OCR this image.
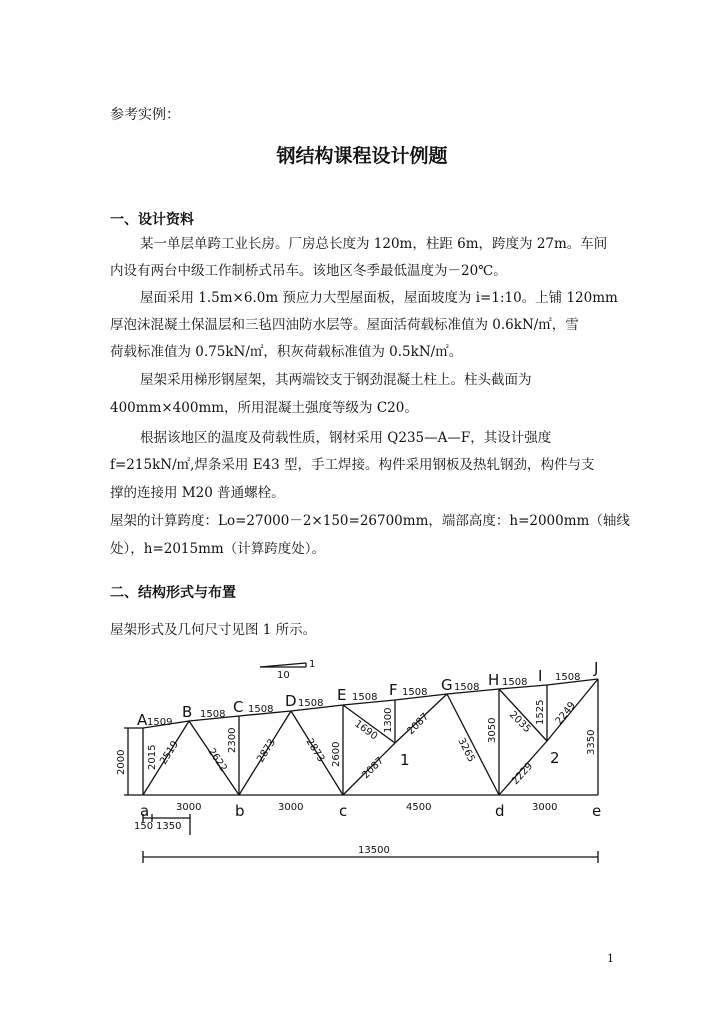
参考实例：
钢结构课程设计例题
一、设计资料
某一单层单跨工业长房。厂房总长度为 120m，柱距 6m，跨度为 27m。车间
内设有两台中级工作制桥式吊车。该地区冬季最低温度为－20℃。
屋面采用 1.5m×6.0m 预应力大型屋面板，屋面坡度为 i=1:10。上铺 120mm
厚泡沫混凝土保温层和三毡四油防水层等。屋面活荷载标准值为 0.6kN/㎡，雪
荷载标准值为 0.75kN/㎡，积灰荷载标准值为 0.5kN/㎡。
屋架采用梯形钢屋架，其两端铰支于钢劲混凝土柱上。柱头截面为
400mm×400mm，所用混凝土强度等级为 C20。
根据该地区的温度及荷载性质，钢材采用 Q235—A—F，其设计强度
f=215kN/㎡,焊条采用 E43 型，手工焊接。构件采用钢板及热轧钢劲，构件与支
撑的连接用 M20 普通螺栓。
屋架的计算跨度：Lo=27000－2×150=26700mm，端部高度：h=2000mm（轴线
处），h=2015mm（计算跨度处）。
二、结构形式与布置
屋架形式及几何尺寸见图 1 所示。
A B	C	D	E	F	G H	I	J
a	b	c	d	e
1	2
1509
1508 1508
1508
1508 1508	1508 1508	1508
2015
2300
2600
1300	3050
1525
3350
2519 2622	2873	2873
1690
2087
2087
3265
2035
2229
2249
1
10
2000
3000	3000	4500	3000
150 1350
13500
1
